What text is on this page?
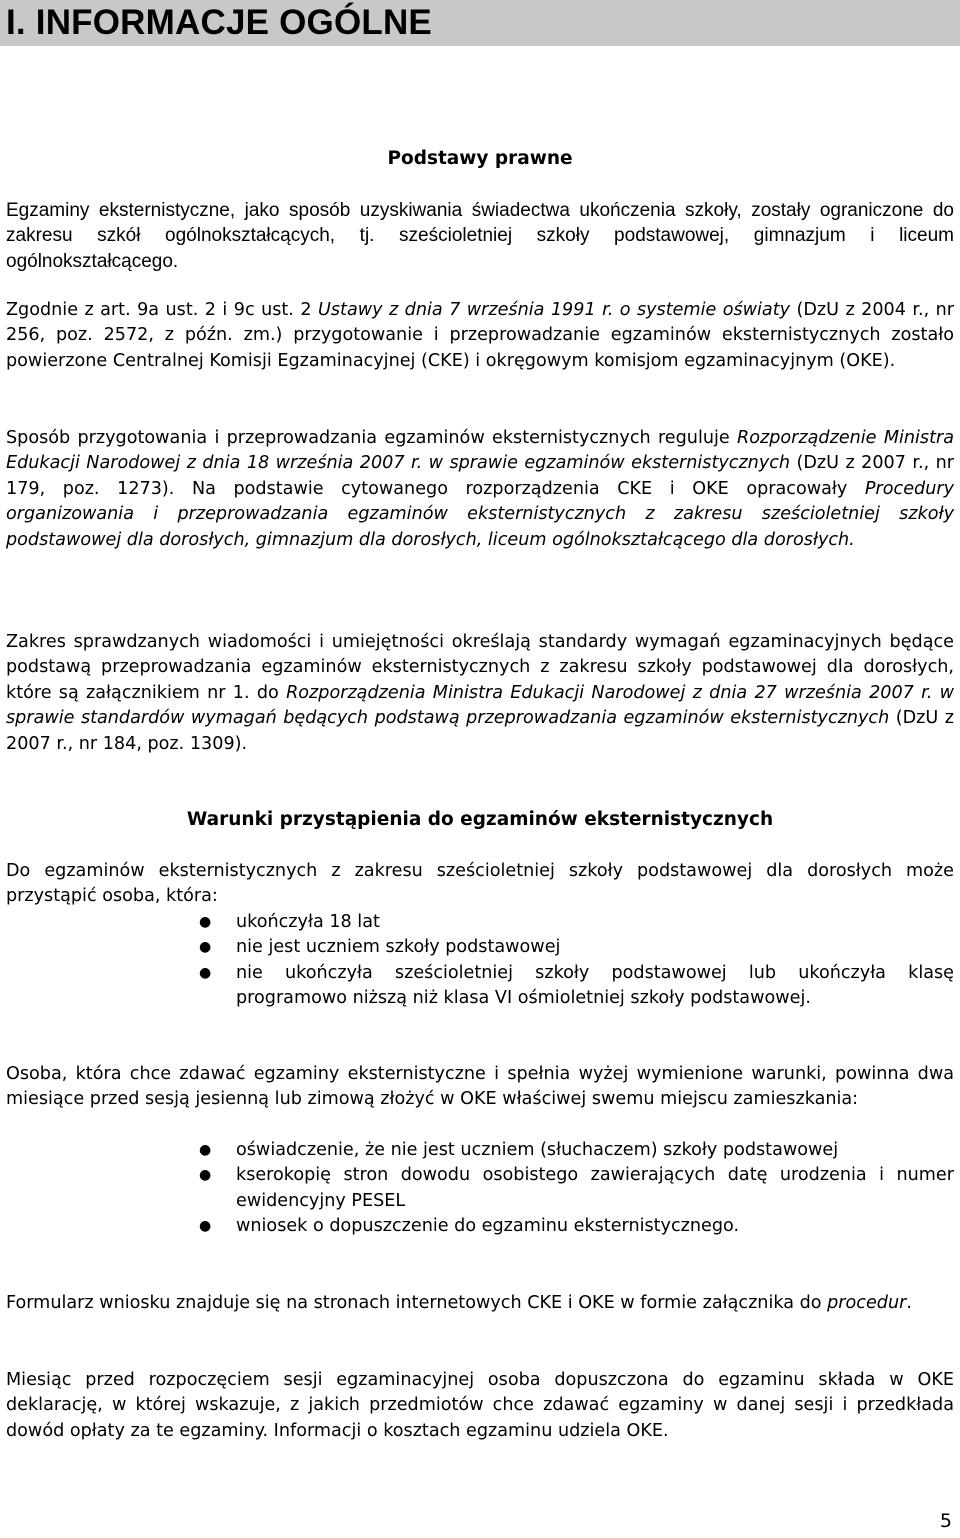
I. INFORMACJE OGÓLNE
Podstawy prawne

Egzaminy eksternistyczne, jako sposób uzyskiwania świadectwa ukończenia szkoły, zostały ograniczone do zakresu szkół ogólnokształcących, tj. sześcioletniej szkoły podstawowej, gimnazjum i liceum ogólnokształcącego.

Zgodnie z art. 9a ust. 2 i 9c ust. 2 Ustawy z dnia 7 września 1991 r. o systemie oświaty (DzU z 2004 r., nr 256, poz. 2572, z późn. zm.) przygotowanie i przeprowadzanie egzaminów eksternistycznych zostało powierzone Centralnej Komisji Egzaminacyjnej (CKE) i okręgowym komisjom egzaminacyjnym (OKE).

Sposób przygotowania i przeprowadzania egzaminów eksternistycznych reguluje Rozporządzenie Ministra Edukacji Narodowej z dnia 18 września 2007 r. w sprawie egzaminów eksternistycznych (DzU z 2007 r., nr 179, poz. 1273). Na podstawie cytowanego rozporządzenia CKE i OKE opracowały Procedury organizowania i przeprowadzania egzaminów eksternistycznych z zakresu sześcioletniej szkoły podstawowej dla dorosłych, gimnazjum dla dorosłych, liceum ogólnokształcącego dla dorosłych.

Zakres sprawdzanych wiadomości i umiejętności określają standardy wymagań egzaminacyjnych będące podstawą przeprowadzania egzaminów eksternistycznych z zakresu szkoły podstawowej dla dorosłych, które są załącznikiem nr 1. do Rozporządzenia Ministra Edukacji Narodowej z dnia 27 września 2007 r. w sprawie standardów wymagań będących podstawą przeprowadzania egzaminów eksternistycznych (DzU z 2007 r., nr 184, poz. 1309).

Warunki przystąpienia do egzaminów eksternistycznych

Do egzaminów eksternistycznych z zakresu sześcioletniej szkoły podstawowej dla dorosłych może przystąpić osoba, która:

● ukończyła 18 lat
● nie jest uczniem szkoły podstawowej
● nie ukończyła sześcioletniej szkoły podstawowej lub ukończyła klasę programowo niższą niż klasa VI ośmioletniej szkoły podstawowej.

Osoba, która chce zdawać egzaminy eksternistyczne i spełnia wyżej wymienione warunki, powinna dwa miesiące przed sesją jesienną lub zimową złożyć w OKE właściwej swemu miejscu zamieszkania:

● oświadczenie, że nie jest uczniem (słuchaczem) szkoły podstawowej
● kserokopię stron dowodu osobistego zawierających datę urodzenia i numer ewidencyjny PESEL
● wniosek o dopuszczenie do egzaminu eksternistycznego.

Formularz wniosku znajduje się na stronach internetowych CKE i OKE w formie załącznika do procedur.

Miesiąc przed rozpoczęciem sesji egzaminacyjnej osoba dopuszczona do egzaminu składa w OKE deklarację, w której wskazuje, z jakich przedmiotów chce zdawać egzaminy w danej sesji i przedkłada dowód opłaty za te egzaminy. Informacji o kosztach egzaminu udziela OKE.

5
